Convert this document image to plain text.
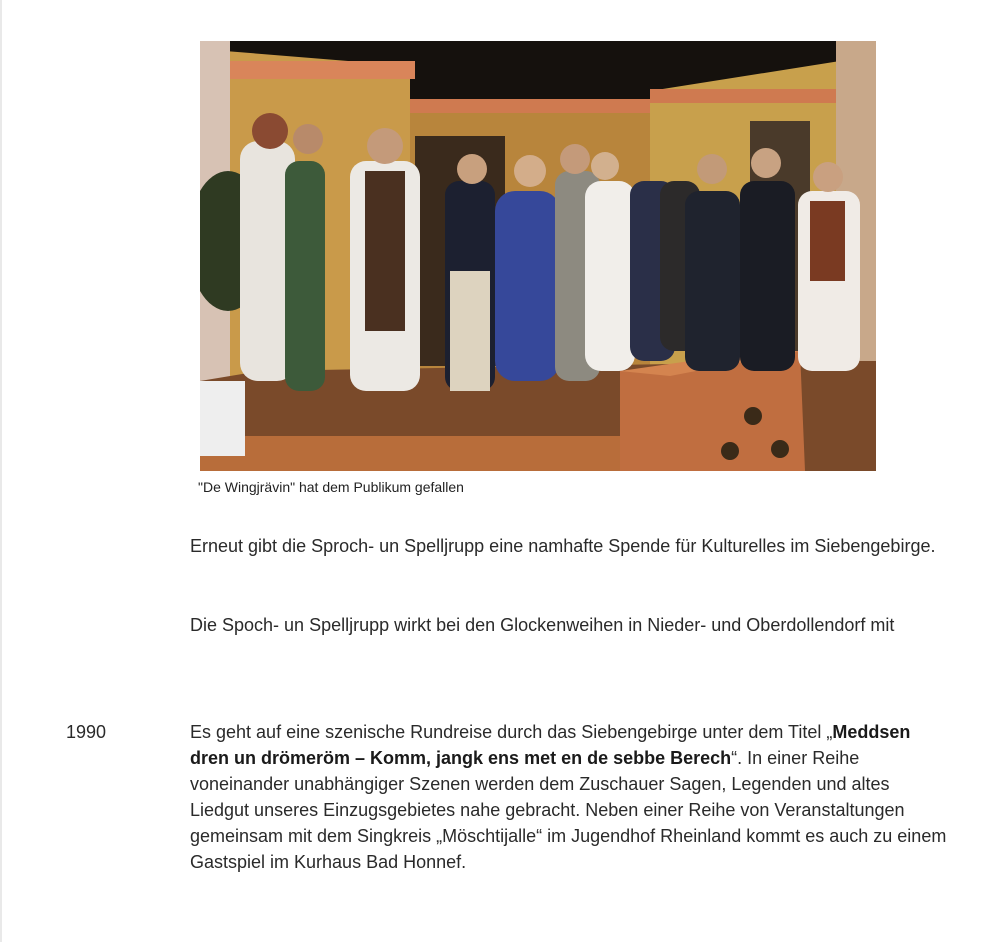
"De Wingjrävin" hat dem Publikum gefallen
Erneut gibt die Sproch- un Spelljrupp eine namhafte Spende für Kulturelles im Siebengebirge.
Die Spoch- un Spelljrupp wirkt bei den Glockenweihen in Nieder- und Oberdollendorf mit
1990	Es geht auf eine szenische Rundreise durch das Siebengebirge unter dem Titel „Meddsen dren un drömeröm – Komm, jangk ens met en de sebbe Berech“. In einer Reihe voneinander unabhängiger Szenen werden dem Zuschauer Sagen, Legenden und altes Liedgut unseres Einzugsgebietes nahe gebracht. Neben einer Reihe von Veranstaltungen gemeinsam mit dem Singkreis „Möschtijalle“ im Jugendhof Rheinland kommt es auch zu einem Gastspiel im Kurhaus Bad Honnef.
